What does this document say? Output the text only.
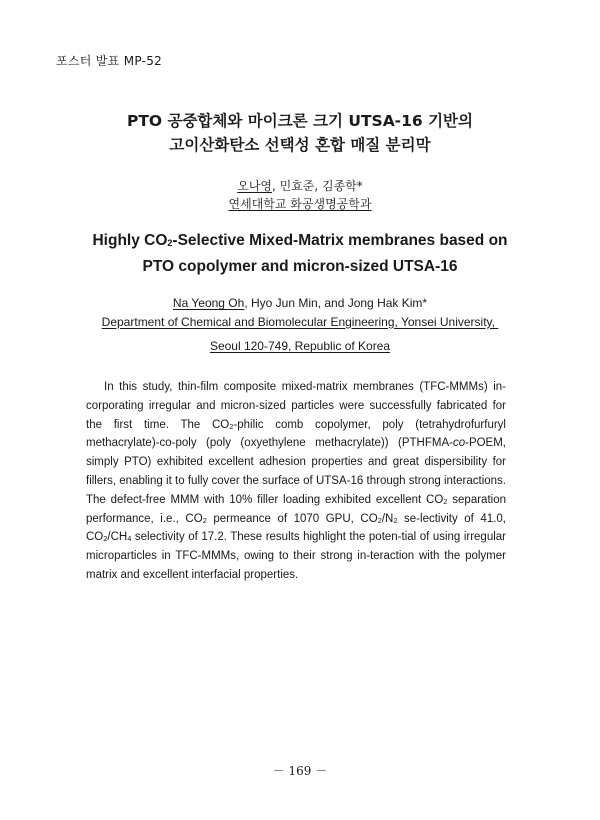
포스터 발표 MP-52
PTO 공중합체와 마이크론 크기 UTSA-16 기반의
고이산화탄소 선택성 혼합 매질 분리막
오나영, 민효준, 김종학*
연세대학교 화공생명공학과
Highly $CO_2$-Selective Mixed-Matrix membranes based on
PTO copolymer and micron-sized UTSA-16
Na Yeong Oh, Hyo Jun Min, and Jong Hak Kim*
Department of Chemical and Biomolecular Engineering, Yonsei University,
Seoul 120-749, Republic of Korea
In this study, thin-film composite mixed-matrix membranes (TFC-MMMs) in-corporating irregular and micron-sized particles were successfully fabricated for the first time. The $CO_2$-philic comb copolymer, poly (tetrahydrofurfuryl methacrylate)-co-poly (poly (oxyethylene methacrylate)) (PTHFMA-co-POEM, simply PTO) exhibited excellent adhesion properties and great dispersibility for fillers, enabling it to fully cover the surface of UTSA-16 through strong interactions. The defect-free MMM with 10% filler loading exhibited excellent $CO_2$ separation performance, i.e., $CO_2$ permeance of 1070 GPU, $CO_2/N_2$ se-lectivity of 41.0, $CO_2/CH_4$ selectivity of 17.2. These results highlight the poten-tial of using irregular microparticles in TFC-MMMs, owing to their strong in-teraction with the polymer matrix and excellent interfacial properties.
－ 169 －
